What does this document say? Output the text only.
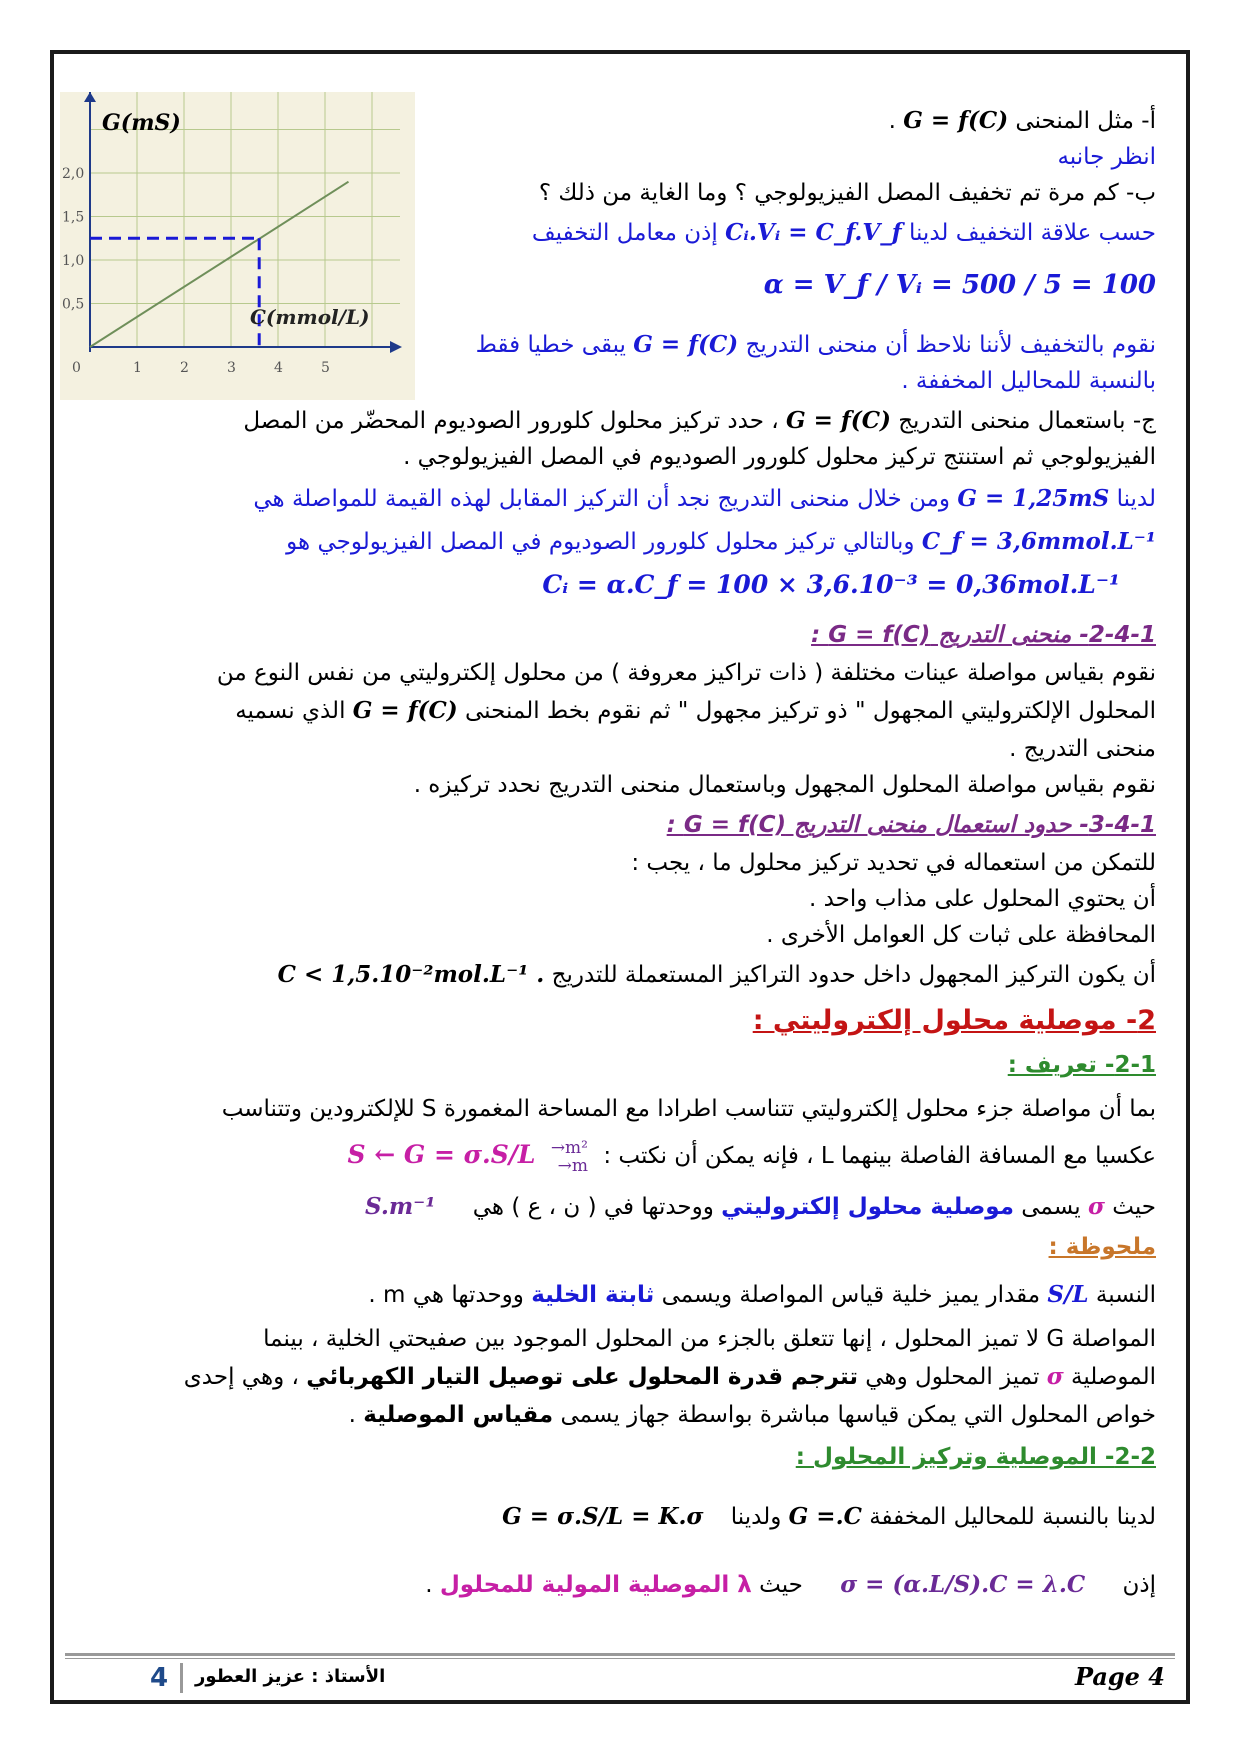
2,0
1,5
1,0
0,5
0	1	2	3	4	5
G(mS)
C(mmol/L)
أ- مثل المنحنى G = f(C) .
انظر جانبه
ب- كم مرة تم تخفيف المصل الفيزيولوجي ؟ وما الغاية من ذلك ؟
حسب علاقة التخفيف لدينا Cᵢ.Vᵢ = C_f.V_f إذن معامل التخفيف
α = V_f / Vᵢ = 500 / 5 = 100
نقوم بالتخفيف لأننا نلاحظ أن منحنى التدريج G = f(C) يبقى خطيا فقط
بالنسبة للمحاليل المخففة .
ج- باستعمال منحنى التدريج G = f(C) ، حدد تركيز محلول كلورور الصوديوم المحضّر من المصل
الفيزيولوجي ثم استنتج تركيز محلول كلورور الصوديوم في المصل الفيزيولوجي .
لدينا G = 1,25mS ومن خلال منحنى التدريج نجد أن التركيز المقابل لهذه القيمة للمواصلة هي
C_f = 3,6mmol.L⁻¹ وبالتالي تركيز محلول كلورور الصوديوم في المصل الفيزيولوجي هو
Cᵢ = α.C_f = 100 × 3,6.10⁻³ = 0,36mol.L⁻¹
2-4-1- منحنى التدريج G = f(C) :
نقوم بقياس مواصلة عينات مختلفة ( ذات تراكيز معروفة ) من محلول إلكتروليتي من نفس النوع من
المحلول الإلكتروليتي المجهول " ذو تركيز مجهول " ثم نقوم بخط المنحنى G = f(C) الذي نسميه
منحنى التدريج .
نقوم بقياس مواصلة المحلول المجهول وباستعمال منحنى التدريج نحدد تركيزه .
3-4-1- حدود استعمال منحنى التدريج G = f(C) :
للتمكن من استعماله في تحديد تركيز محلول ما ، يجب :
أن يحتوي المحلول على مذاب واحد .
المحافظة على ثبات كل العوامل الأخرى .
أن يكون التركيز المجهول داخل حدود التراكيز المستعملة للتدريج C < 1,5.10⁻²mol.L⁻¹ .
2- موصلية محلول إلكتروليتي :
2-1- تعريف :
بما أن مواصلة جزء محلول إلكتروليتي تتناسب اطرادا مع المساحة المغمورة S للإلكترودين وتتناسب
عكسيا مع المسافة الفاصلة بينهما L ، فإنه يمكن أن نكتب :
→m²
→m
S ← G = σ.S/L
حيث σ يسمى موصلية محلول إلكتروليتي ووحدتها في ( ن ، ع ) هي S.m⁻¹
ملحوظة :
النسبة S/L مقدار يميز خلية قياس المواصلة ويسمى ثابتة الخلية ووحدتها هي m .
المواصلة G لا تميز المحلول ، إنها تتعلق بالجزء من المحلول الموجود بين صفيحتي الخلية ، بينما
الموصلية σ تميز المحلول وهي تترجم قدرة المحلول على توصيل التيار الكهربائي ، وهي إحدى
خواص المحلول التي يمكن قياسها مباشرة بواسطة جهاز يسمى مقياس الموصلية .
2-2- الموصلية وتركيز المحلول :
لدينا بالنسبة للمحاليل المخففة G =.C ولدينا G = σ.S/L = K.σ
إذن σ = (α.L/S).C = λ.C حيث λ الموصلية المولية للمحلول .
4	الأستاذ : عزيز العطور	Page 4
